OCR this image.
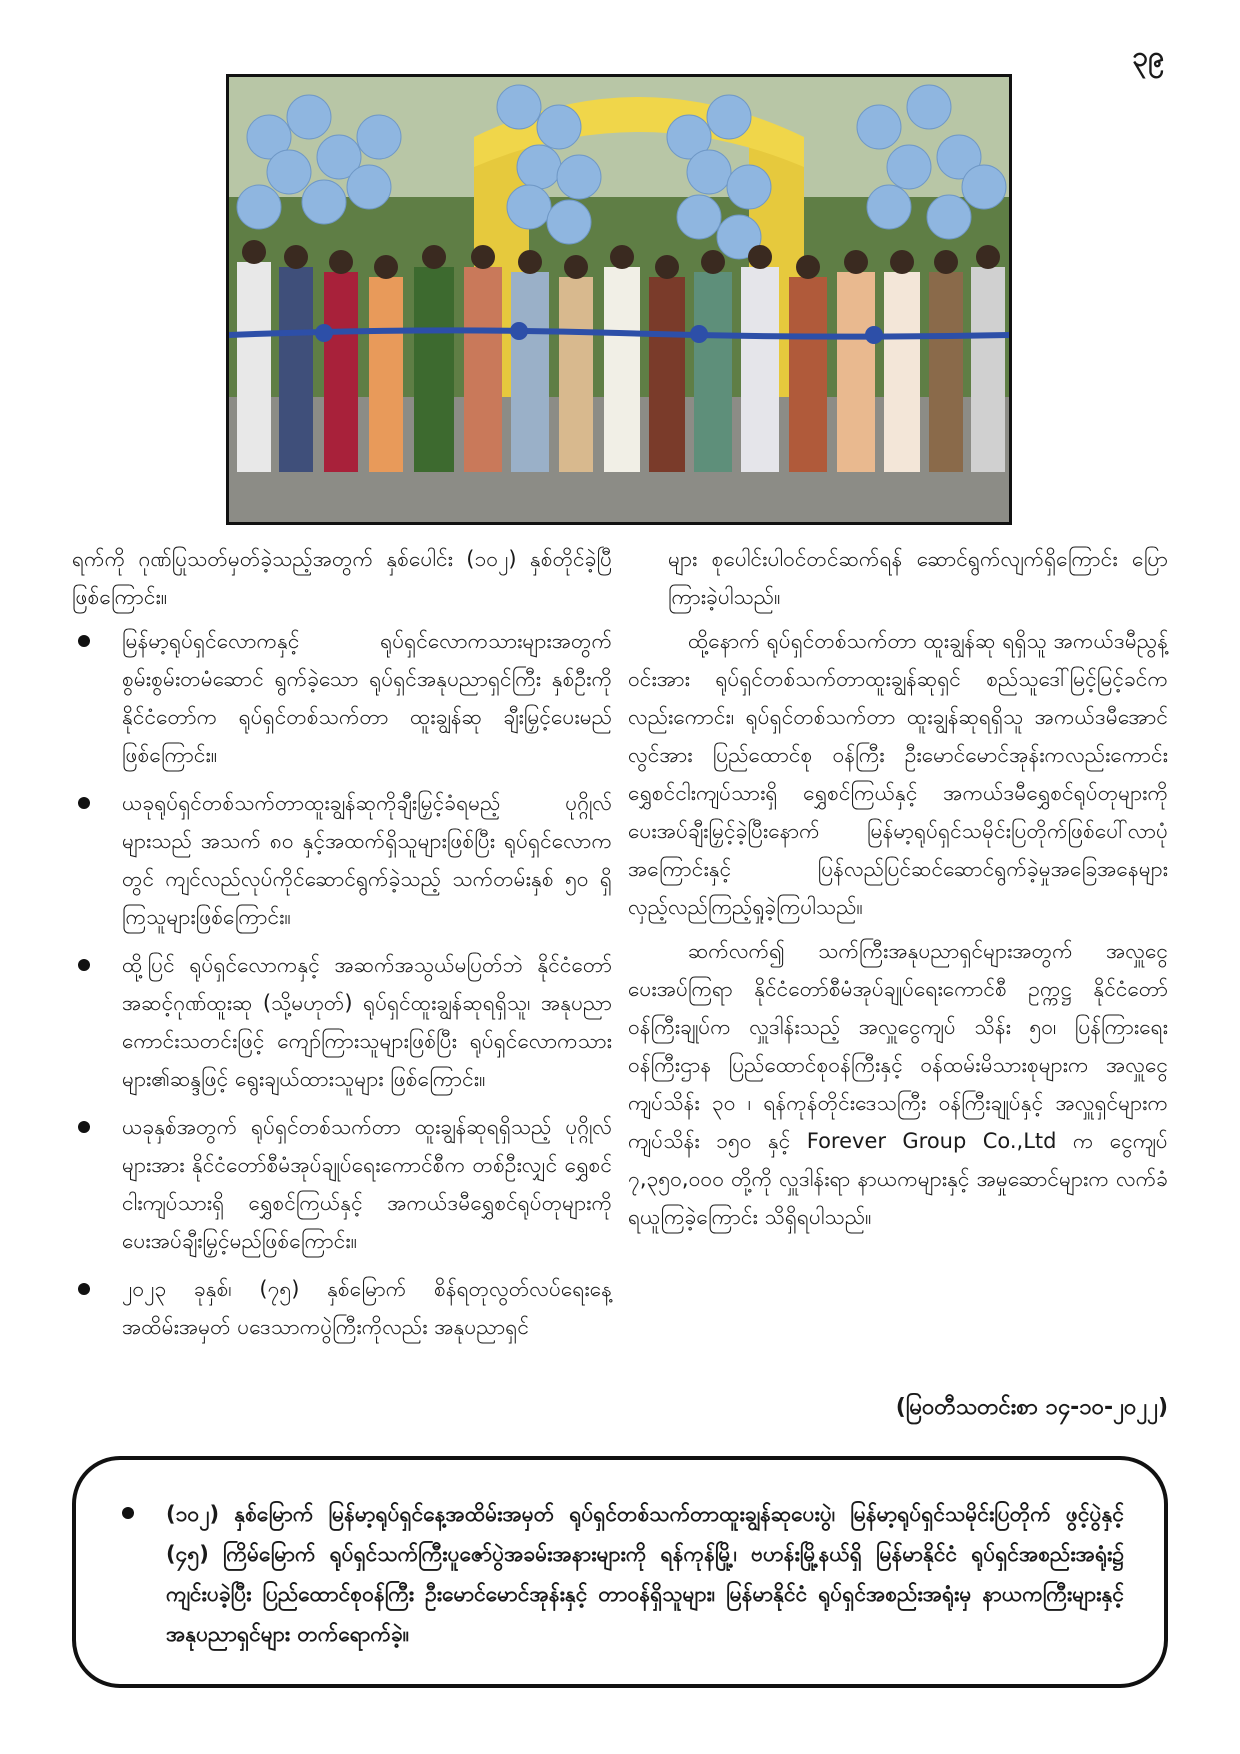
၃၉

ရက်ကို ဂုဏ်ပြုသတ်မှတ်ခဲ့သည့်အတွက် နှစ်ပေါင်း (၁၀၂) နှစ်တိုင်ခဲ့ပြီဖြစ်ကြောင်း။

မြန်မာ့ရုပ်ရှင်လောကနှင့် ရုပ်ရှင်လောကသားများအတွက် စွမ်းစွမ်းတမံဆောင် ရွက်ခဲ့သော ရုပ်ရှင်အနုပညာရှင်ကြီး နှစ်ဦးကို နိုင်ငံတော်က ရုပ်ရှင်တစ်သက်တာ ထူးချွန်ဆု ချီးမြှင့်ပေးမည်ဖြစ်ကြောင်း။
ယခုရုပ်ရှင်တစ်သက်တာထူးချွန်ဆုကိုချီးမြှင့်ခံရမည့် ပုဂ္ဂိုလ်များသည် အသက် ၈၀ နှင့်အထက်ရှိသူများဖြစ်ပြီး ရုပ်ရှင်လောကတွင် ကျင်လည်လုပ်ကိုင်ဆောင်ရွက်ခဲ့သည့် သက်တမ်းနှစ် ၅၀ ရှိကြသူများဖြစ်ကြောင်း။
ထို့ပြင် ရုပ်ရှင်လောကနှင့် အဆက်အသွယ်မပြတ်ဘဲ နိုင်ငံတော်အဆင့်ဂုဏ်ထူးဆု (သို့မဟုတ်) ရုပ်ရှင်ထူးချွန်ဆုရရှိသူ၊ အနုပညာကောင်းသတင်းဖြင့် ကျော်ကြားသူများဖြစ်ပြီး ရုပ်ရှင်လောကသားများ၏ဆန္ဒဖြင့် ရွေးချယ်ထားသူများ ဖြစ်ကြောင်း။
ယခုနှစ်အတွက် ရုပ်ရှင်တစ်သက်တာ ထူးချွန်ဆုရရှိသည့် ပုဂ္ဂိုလ်များအား နိုင်ငံတော်စီမံအုပ်ချုပ်ရေးကောင်စီက တစ်ဦးလျှင် ရွှေစင်ငါးကျပ်သားရှိ ရွှေစင်ကြယ်နှင့် အကယ်ဒမီရွှေစင်ရုပ်တုများကို ပေးအပ်ချီးမြှင့်မည်ဖြစ်ကြောင်း။
၂၀၂၃ ခုနှစ်၊ (၇၅) နှစ်မြောက် စိန်ရတုလွတ်လပ်ရေးနေ့ အထိမ်းအမှတ် ပဒေသာကပွဲကြီးကိုလည်း အနုပညာရှင်

များ စုပေါင်းပါဝင်တင်ဆက်ရန် ဆောင်ရွက်လျက်ရှိကြောင်း ပြောကြားခဲ့ပါသည်။

ထို့နောက် ရုပ်ရှင်တစ်သက်တာ ထူးချွန်ဆု ရရှိသူ အကယ်ဒမီညွန့်ဝင်းအား ရုပ်ရှင်တစ်သက်တာထူးချွန်ဆုရှင် စည်သူဒေါ်မြင့်မြင့်ခင်ကလည်းကောင်း၊ ရုပ်ရှင်တစ်သက်တာ ထူးချွန်ဆုရရှိသူ အကယ်ဒမီအောင်လွင်အား ပြည်ထောင်စု ဝန်ကြီး ဦးမောင်မောင်အုန်းကလည်းကောင်း ရွှေစင်ငါးကျပ်သားရှိ ရွှေစင်ကြယ်နှင့် အကယ်ဒမီရွှေစင်ရုပ်တုများကို ပေးအပ်ချီးမြှင့်ခဲ့ပြီးနောက် မြန်မာ့ရုပ်ရှင်သမိုင်းပြတိုက်ဖြစ်ပေါ်လာပုံ အကြောင်းနှင့် ပြန်လည်ပြင်ဆင်ဆောင်ရွက်ခဲ့မှုအခြေအနေများ လှည့်လည်ကြည့်ရှုခဲ့ကြပါသည်။

ဆက်လက်၍ သက်ကြီးအနုပညာရှင်များအတွက် အလှူငွေပေးအပ်ကြရာ နိုင်ငံတော်စီမံအုပ်ချုပ်ရေးကောင်စီ ဥက္ကဋ္ဌ နိုင်ငံတော်ဝန်ကြီးချုပ်က လှူဒါန်းသည့် အလှူငွေကျပ် သိန်း ၅၀၊ ပြန်ကြားရေးဝန်ကြီးဌာန ပြည်ထောင်စုဝန်ကြီးနှင့် ဝန်ထမ်းမိသားစုများက အလှူငွေကျပ်သိန်း ၃၀ ၊ ရန်ကုန်တိုင်းဒေသကြီး ဝန်ကြီးချုပ်နှင့် အလှူရှင်များက ကျပ်သိန်း ၁၅၀ နှင့် Forever Group Co.,Ltd က ငွေကျပ် ၇,၃၅၀,၀၀၀ တို့ကို လှူဒါန်းရာ နာယကများနှင့် အမှုဆောင်များက လက်ခံရယူကြခဲ့ကြောင်း သိရှိရပါသည်။

(မြဝတီသတင်းစာ ၁၄-၁၀-၂၀၂၂)
(၁၀၂) နှစ်မြောက် မြန်မာ့ရုပ်ရှင်နေ့အထိမ်းအမှတ် ရုပ်ရှင်တစ်သက်တာထူးချွန်ဆုပေးပွဲ၊ မြန်မာ့ရုပ်ရှင်သမိုင်းပြတိုက် ဖွင့်ပွဲနှင့် (၄၅) ကြိမ်မြောက် ရုပ်ရှင်သက်ကြီးပူဇော်ပွဲအခမ်းအနားများကို ရန်ကုန်မြို့၊ ဗဟန်းမြို့နယ်ရှိ မြန်မာနိုင်ငံ ရုပ်ရှင်အစည်းအရုံး၌ ကျင်းပခဲ့ပြီး ပြည်ထောင်စုဝန်ကြီး ဦးမောင်မောင်အုန်းနှင့် တာဝန်ရှိသူများ၊ မြန်မာနိုင်ငံ ရုပ်ရှင်အစည်းအရုံးမှ နာယကကြီးများနှင့် အနုပညာရှင်များ တက်ရောက်ခဲ့။
